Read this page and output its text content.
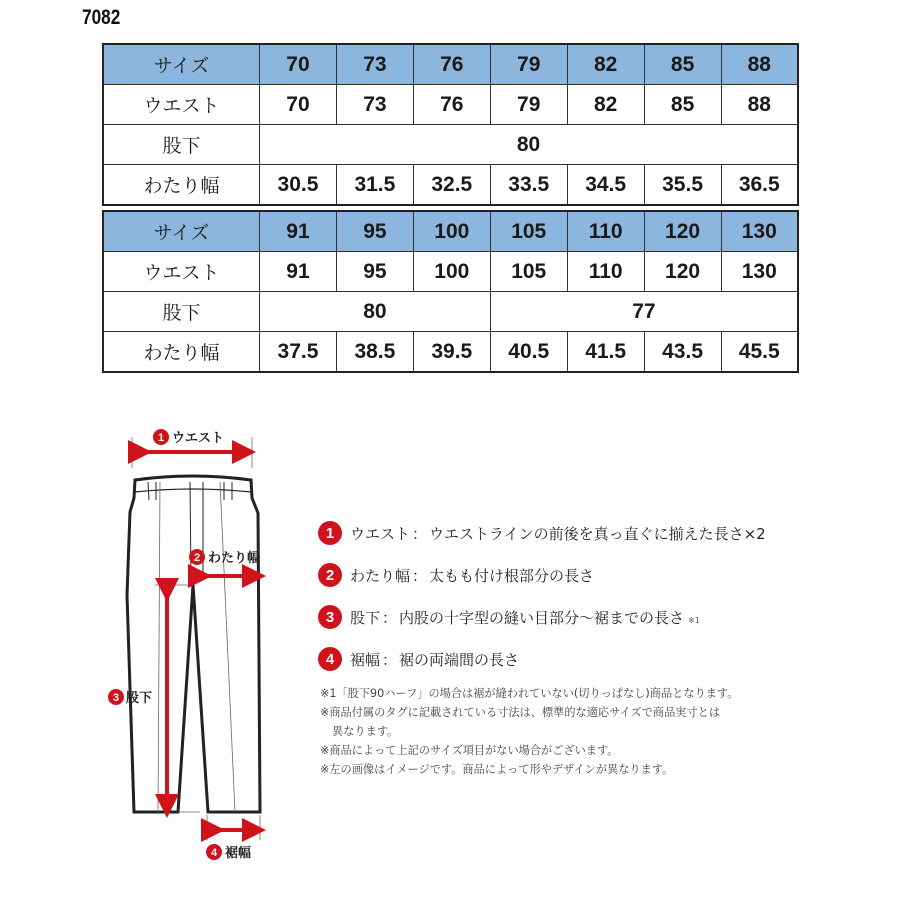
7082
サイズ	70	73	76	79	82	85	88
ウエスト	70	73	76	79	82	85	88
股下	80						
わたり幅	30.5	31.5	32.5	33.5	34.5	35.5	36.5
サイズ	91	95	100	105	110	120	130
ウエスト	91	95	100	105	110	120	130
股下	80			77			
わたり幅	37.5	38.5	39.5	40.5	41.5	43.5	45.5
1 ウエスト
2 わたり幅
3 股下
4 裾幅
1	ウエスト ： ウエストラインの前後を真っ直ぐに揃えた長さ×2
2	わたり幅 ： 太もも付け根部分の長さ
3	股下 ： 内股の十字型の縫い目部分〜裾までの長さ ※1
4	裾幅 ： 裾の両端間の長さ
※1「股下90ハーフ」の場合は裾が縫われていない(切りっぱなし)商品となります。
※商品付属のタグに記載されている寸法は、標準的な適応サイズで商品実寸とは
異なります。
※商品によって上記のサイズ項目がない場合がございます。
※左の画像はイメージです。商品によって形やデザインが異なります。
